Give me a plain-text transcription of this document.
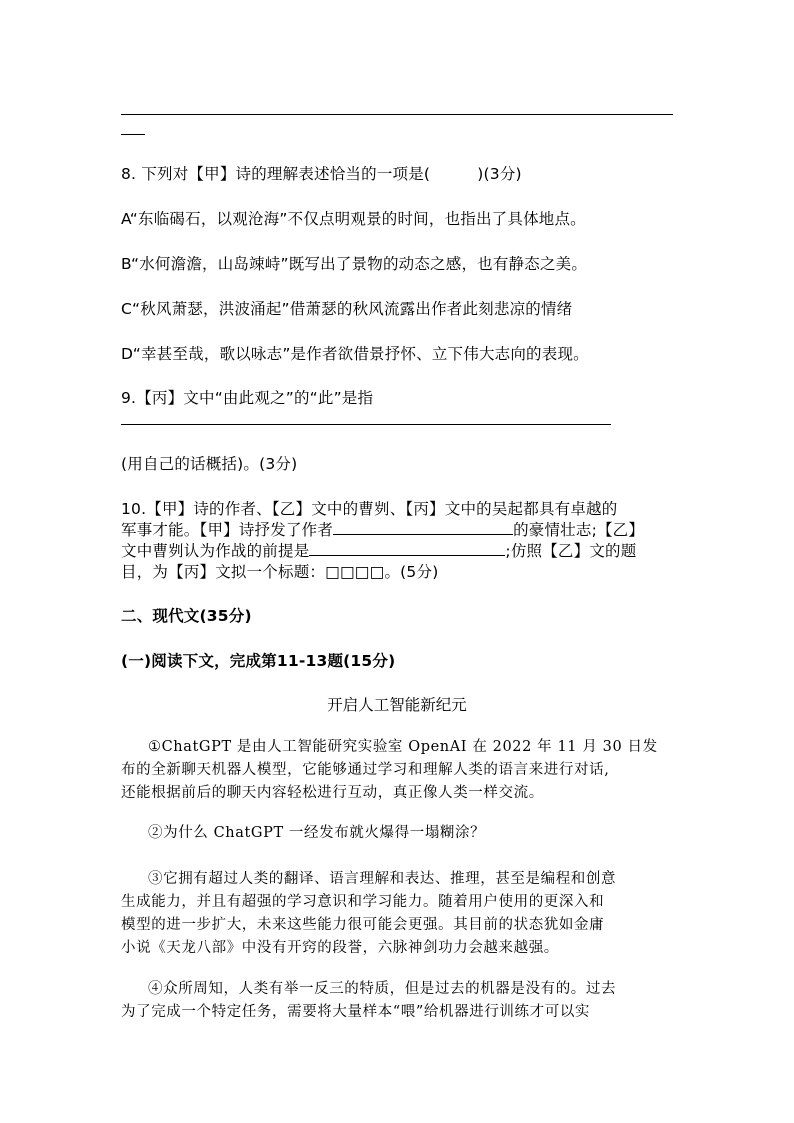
8. 下列对【甲】诗的理解表述恰当的一项是(　　　)(3分)
A“东临碣石，以观沧海”不仅点明观景的时间，也指出了具体地点。
B“水何澹澹，山岛竦峙”既写出了景物的动态之感，也有静态之美。
C“秋风萧瑟，洪波涌起”借萧瑟的秋风流露出作者此刻悲凉的情绪
D“幸甚至哉，歌以咏志”是作者欲借景抒怀、立下伟大志向的表现。
9.【丙】文中“由此观之”的“此”是指
(用自己的话概括)。(3分)
10.【甲】诗的作者、【乙】文中的曹刿、【丙】文中的吴起都具有卓越的
军事才能。【甲】诗抒发了作者	的豪情壮志;【乙】
文中曹刿认为作战的前提是	;仿照【乙】文的题
目，为【丙】文拟一个标题：□□□□。(5分)
二、现代文(35分)
(一)阅读下文，完成第11-13题(15分)
开启人工智能新纪元
①ChatGPT 是由人工智能研究实验室 OpenAI 在 2022 年 11 月 30 日发
布的全新聊天机器人模型，它能够通过学习和理解人类的语言来进行对话,
还能根据前后的聊天内容轻松进行互动，真正像人类一样交流。
②为什么 ChatGPT 一经发布就火爆得一塌糊涂？
③它拥有超过人类的翻译、语言理解和表达、推理，甚至是编程和创意
生成能力，并且有超强的学习意识和学习能力。随着用户使用的更深入和
模型的进一步扩大，未来这些能力很可能会更强。其目前的状态犹如金庸
小说《天龙八部》中没有开窍的段誉，六脉神剑功力会越来越强。
④众所周知，人类有举一反三的特质，但是过去的机器是没有的。过去
为了完成一个特定任务，需要将大量样本“喂”给机器进行训练才可以实
